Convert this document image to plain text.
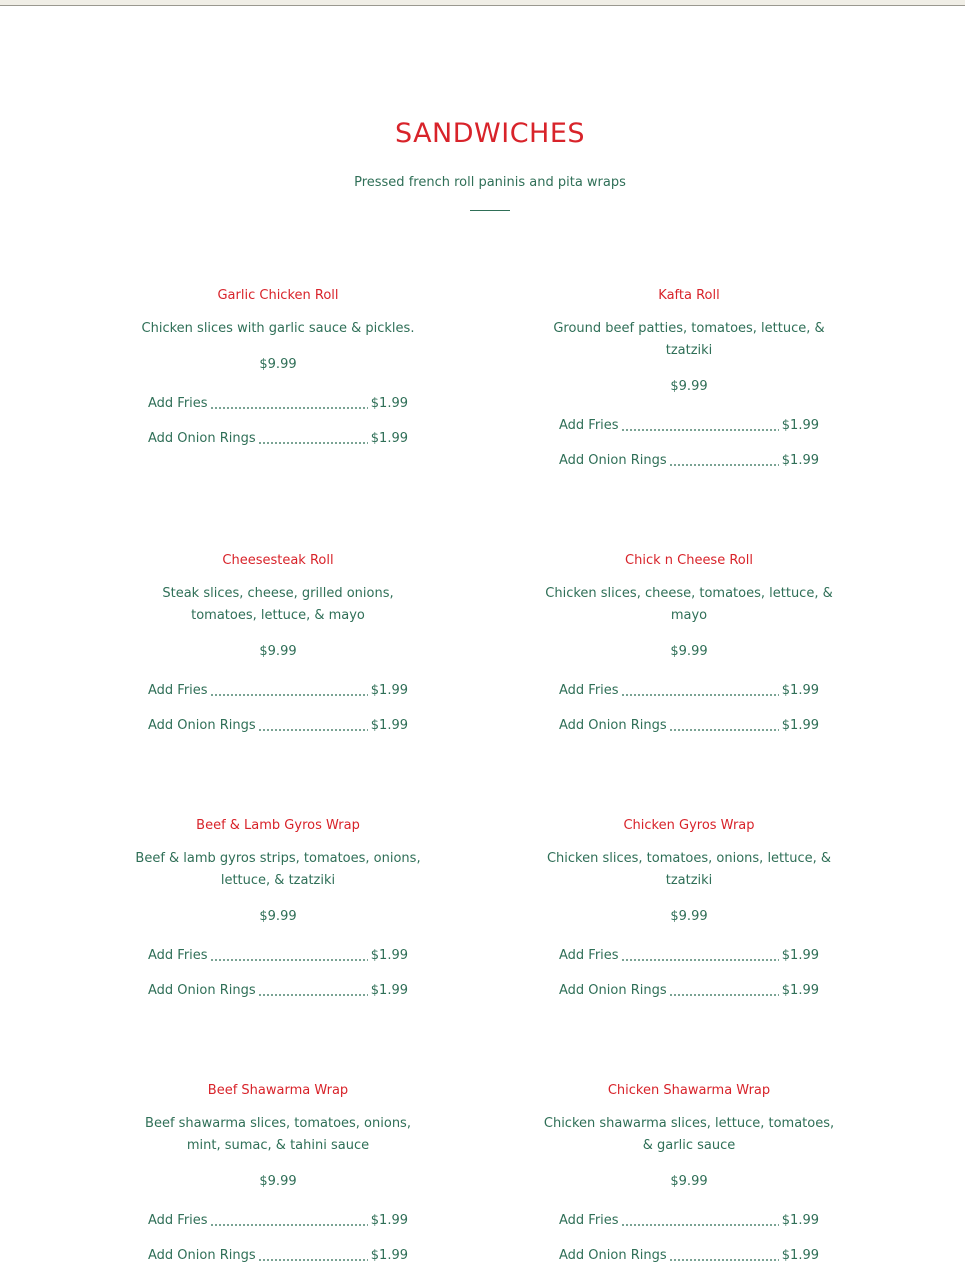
SANDWICHES

Pressed french roll paninis and pita wraps

Garlic Chicken Roll
Chicken slices with garlic sauce & pickles.
$9.99
Add Fries	$1.99
Add Onion Rings	$1.99
Kafta Roll
Ground beef patties, tomatoes, lettuce, & tzatziki
$9.99
Add Fries	$1.99
Add Onion Rings	$1.99
Cheesesteak Roll
Steak slices, cheese, grilled onions, tomatoes, lettuce, & mayo
$9.99
Add Fries	$1.99
Add Onion Rings	$1.99
Chick n Cheese Roll
Chicken slices, cheese, tomatoes, lettuce, & mayo
$9.99
Add Fries	$1.99
Add Onion Rings	$1.99
Beef & Lamb Gyros Wrap
Beef & lamb gyros strips, tomatoes, onions, lettuce, & tzatziki
$9.99
Add Fries	$1.99
Add Onion Rings	$1.99
Chicken Gyros Wrap
Chicken slices, tomatoes, onions, lettuce, & tzatziki
$9.99
Add Fries	$1.99
Add Onion Rings	$1.99
Beef Shawarma Wrap
Beef shawarma slices, tomatoes, onions, mint, sumac, & tahini sauce
$9.99
Add Fries	$1.99
Add Onion Rings	$1.99
Chicken Shawarma Wrap
Chicken shawarma slices, lettuce, tomatoes, & garlic sauce
$9.99
Add Fries	$1.99
Add Onion Rings	$1.99
